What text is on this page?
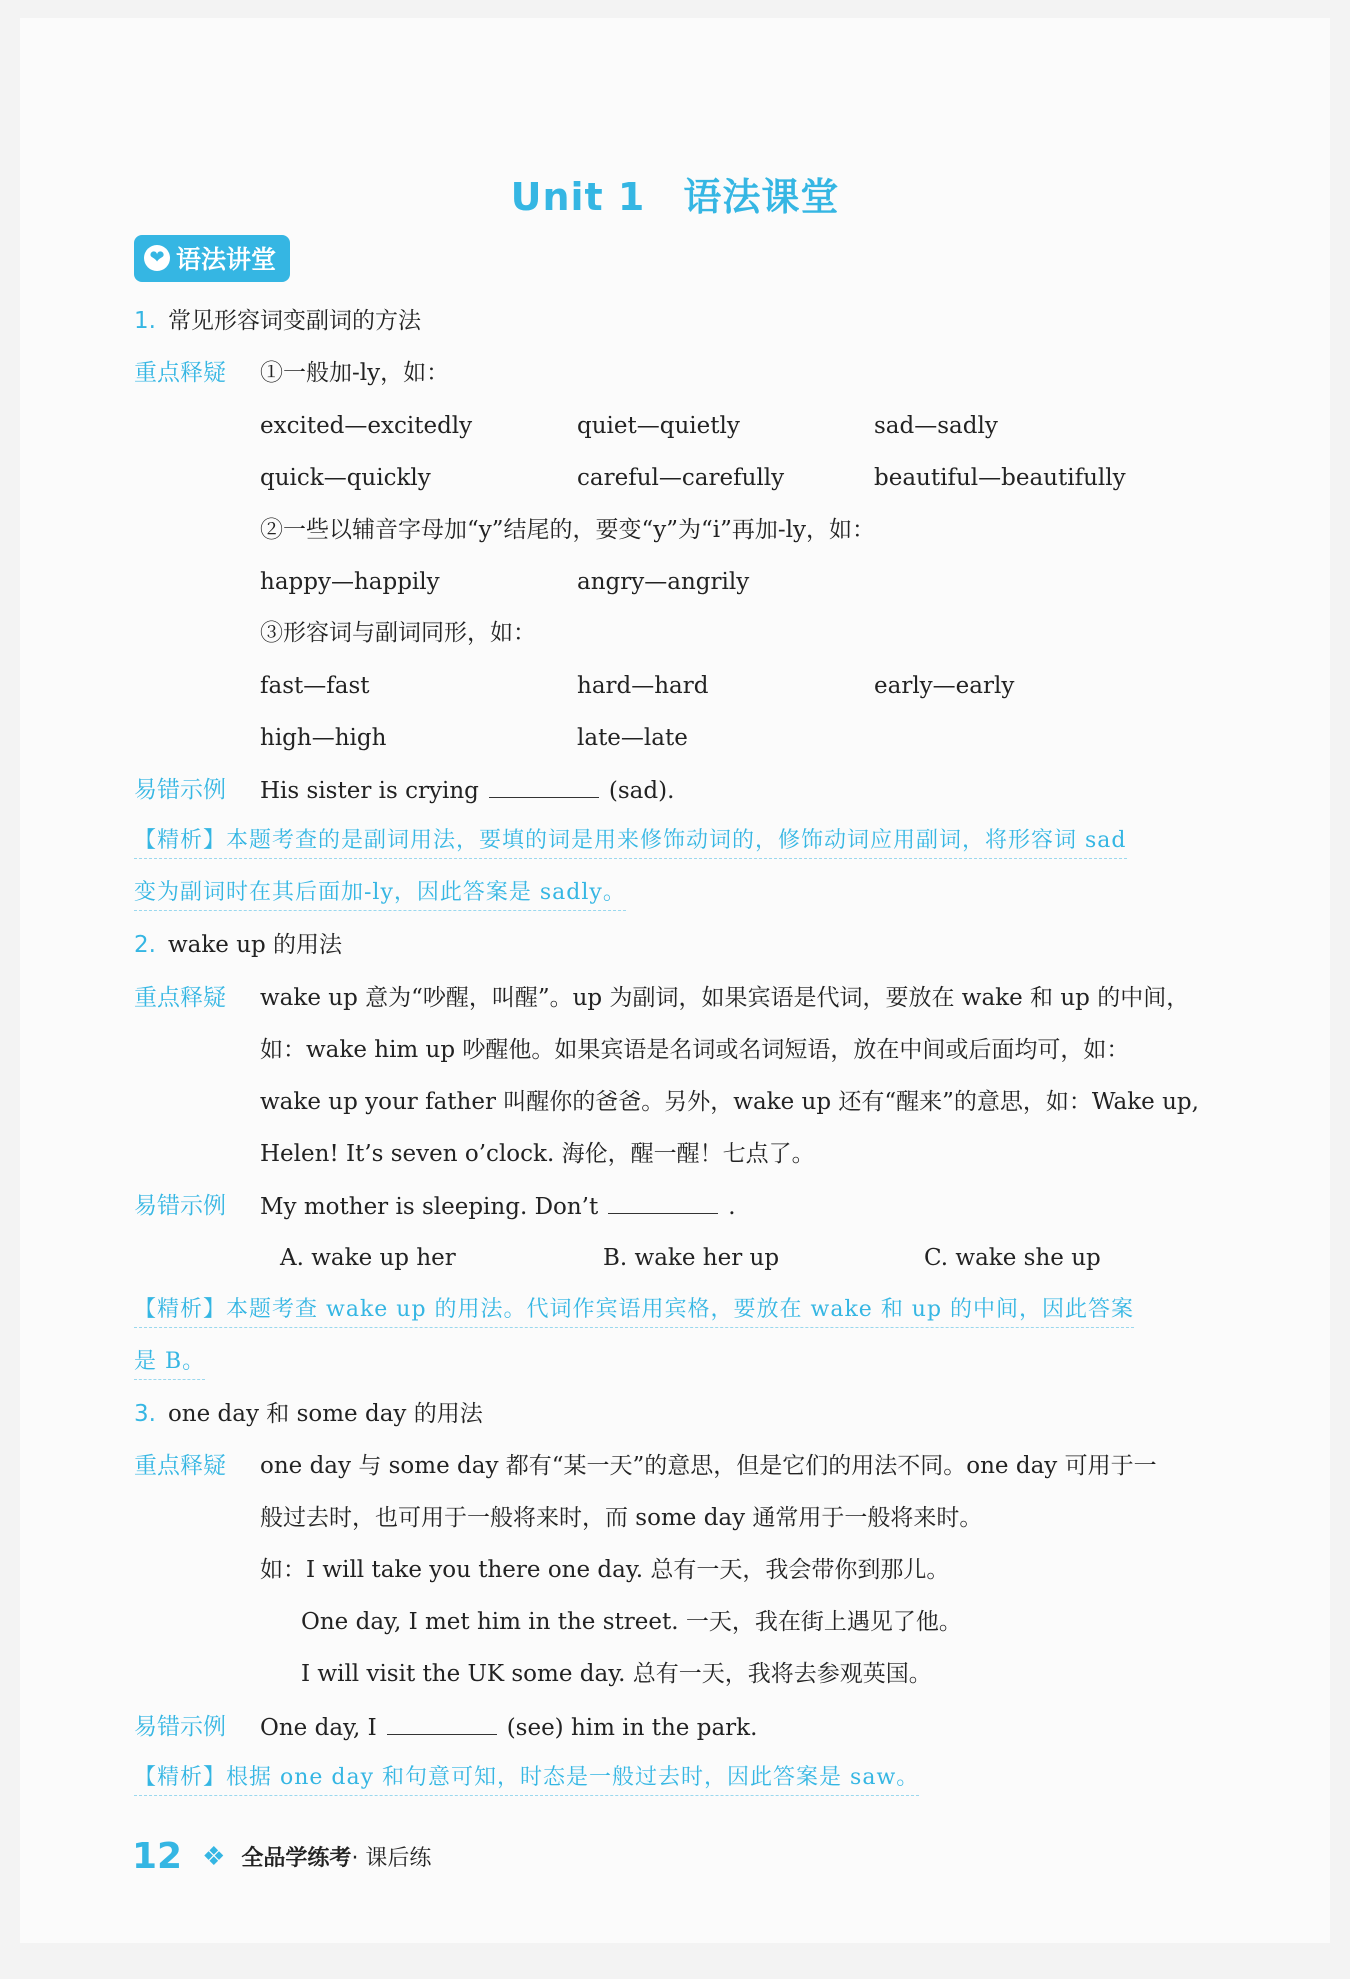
Unit 1 语法课堂
❤ 语法讲堂
1. 常见形容词变副词的方法
重点释疑 ①一般加-ly，如：
excited—excitedly	quiet—quietly	sad—sadly
quick—quickly	careful—carefully	beautiful—beautifully
②一些以辅音字母加“y”结尾的，要变“y”为“i”再加-ly，如：
happy—happily	angry—angrily
③形容词与副词同形，如：
fast—fast	hard—hard	early—early
high—high	late—late
易错示例 His sister is crying	(sad).
【精析】本题考查的是副词用法，要填的词是用来修饰动词的，修饰动词应用副词，将形容词 sad
变为副词时在其后面加-ly，因此答案是 sadly。
2. wake up 的用法
重点释疑 wake up 意为“吵醒，叫醒”。up 为副词，如果宾语是代词，要放在 wake 和 up 的中间，
如：wake him up 吵醒他。如果宾语是名词或名词短语，放在中间或后面均可，如：
wake up your father 叫醒你的爸爸。另外，wake up 还有“醒来”的意思，如：Wake up,
Helen! It’s seven o’clock. 海伦，醒一醒！七点了。
易错示例 My mother is sleeping. Don’t	.
A. wake up her	B. wake her up	C. wake she up
【精析】本题考查 wake up 的用法。代词作宾语用宾格，要放在 wake 和 up 的中间，因此答案
是 B。
3. one day 和 some day 的用法
重点释疑 one day 与 some day 都有“某一天”的意思，但是它们的用法不同。one day 可用于一
般过去时，也可用于一般将来时，而 some day 通常用于一般将来时。
如：I will take you there one day. 总有一天，我会带你到那儿。
One day, I met him in the street. 一天，我在街上遇见了他。
I will visit the UK some day. 总有一天，我将去参观英国。
易错示例 One day, I	(see) him in the park.
【精析】根据 one day 和句意可知，时态是一般过去时，因此答案是 saw。
12 ❖ 全品学练考· 课后练
